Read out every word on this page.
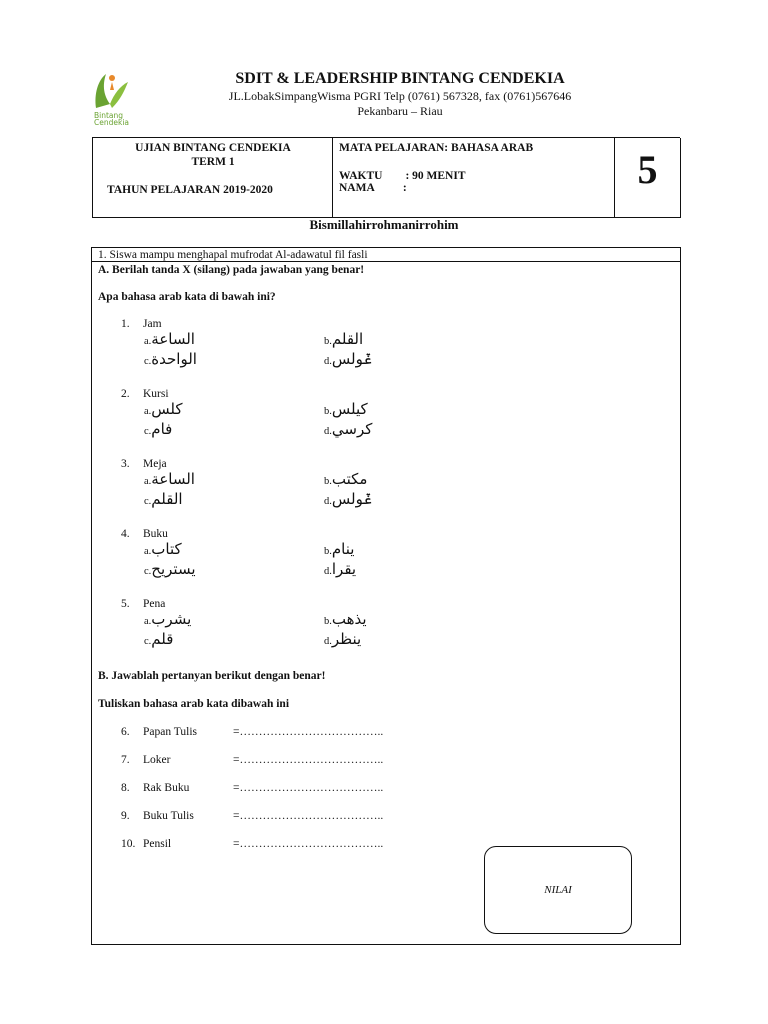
Bintang
Cendekia
SDIT & LEADERSHIP BINTANG CENDEKIA
JL.LobakSimpangWisma PGRI Telp (0761) 567328, fax (0761)567646
Pekanbaru – Riau
UJIAN BINTANG CENDEKIA
TERM 1
TAHUN PELAJARAN 2019-2020
MATA PELAJARAN: BAHASA ARAB
WAKTU        : 90 MENIT
NAMA          :	5
Bismillahirrohmanirrohim
1. Siswa mampu menghapal mufrodat Al-adawatul fil fasli
A. Berilah tanda X (silang) pada jawaban yang benar!
Apa bahasa arab kata di bawah ini?
1. Jam
a.الساعة	b.القلم
c.الواحدة	d.ݞولس
2. Kursi
a.كلس	b.كيلس
c.فام	d.كرسي
3. Meja
a.الساعة	b.مكتب
c.القلم	d.ݞولس
4. Buku
a.كتاب	b.ينام
c.يستريح	d.يقرا
5. Pena
a.يشرب	b.يذهب
c.قلم	d.ينظر
B. Jawablah pertanyan berikut dengan benar!
Tuliskan bahasa arab kata dibawah ini
6. Papan Tulis	=………………………………..
7. Loker	=………………………………..
8. Rak Buku	=………………………………..
9. Buku Tulis	=………………………………..
10. Pensil	=………………………………..
NILAI
